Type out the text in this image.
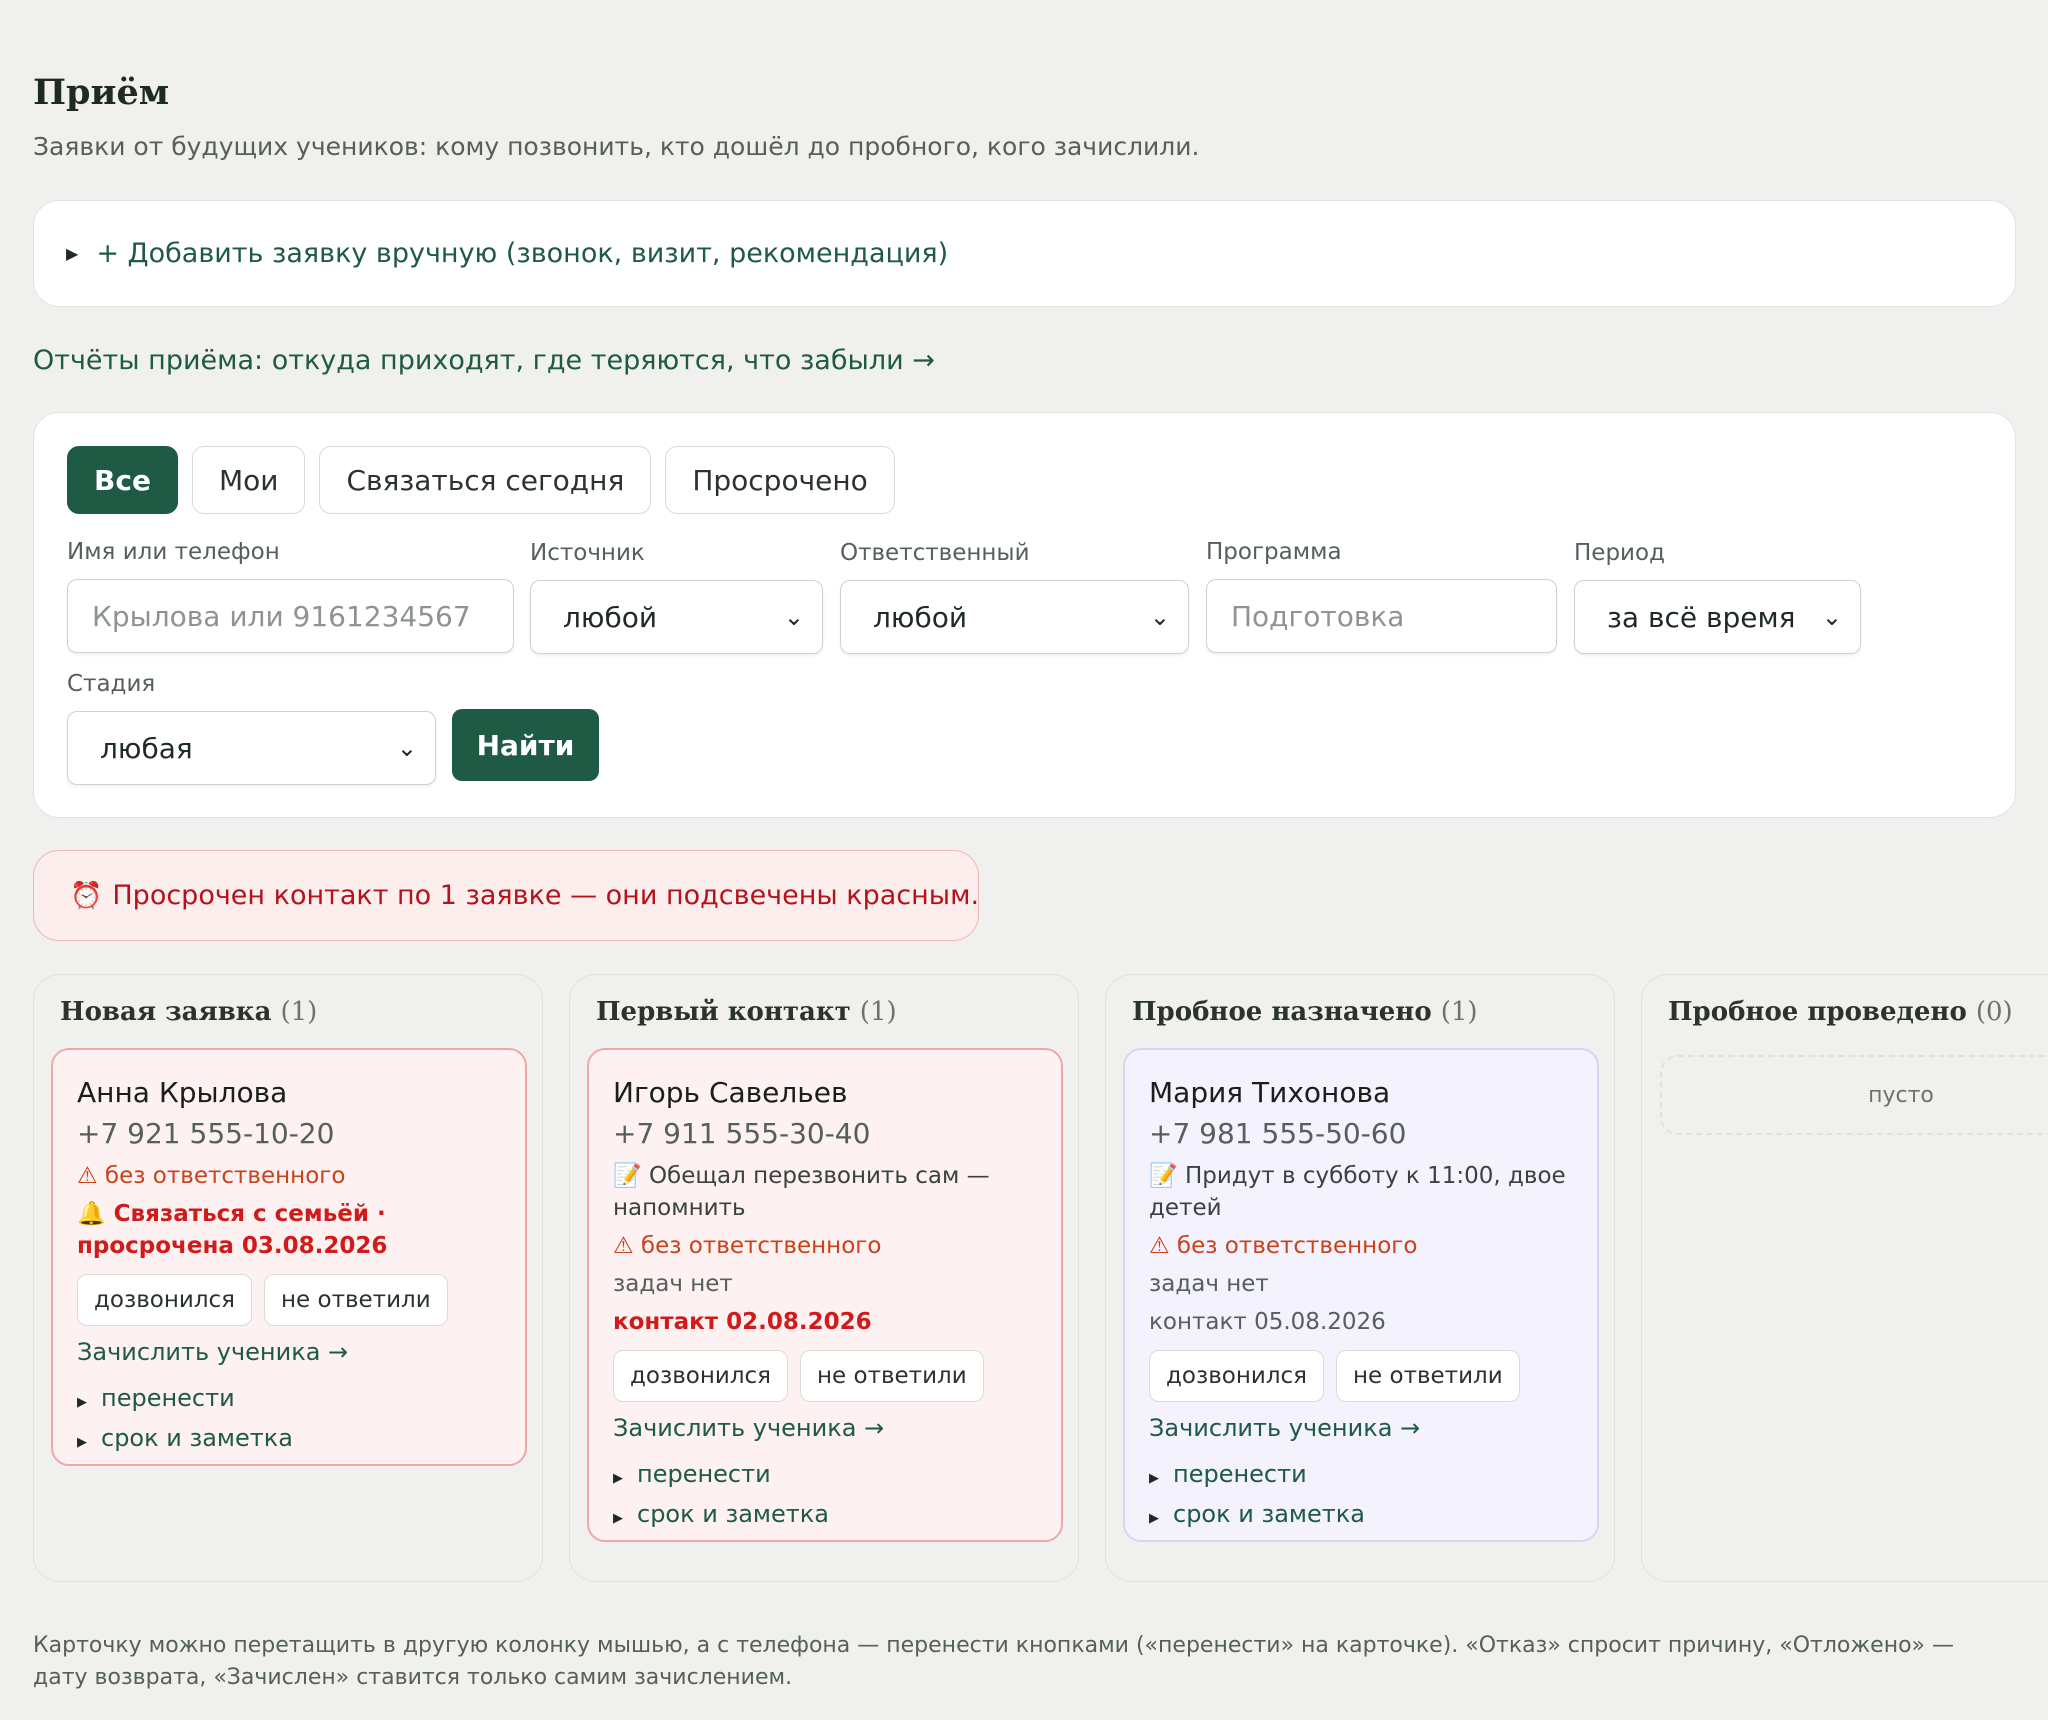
Приём
Заявки от будущих учеников: кому позвонить, кто дошёл до пробного, кого зачислили.
▶ + Добавить заявку вручную (звонок, визит, рекомендация)
Отчёты приёма: откуда приходят, где теряются, что забыли →
Все	Мои	Связаться сегодня	Просрочено
Имя или телефон
Крылова или 9161234567
Источник
любой	⌄
Ответственный
любой	⌄
Программа
Подготовка
Период
за всё время ⌄
Стадия
любая	⌄	Найти
⏰ Просрочен контакт по 1 заявке — они подсвечены красным.
Новая заявка (1)
Анна Крылова
+7 921 555-10-20
⚠ без ответственного
🔔 Связаться с семьёй · просрочена 03.08.2026
дозвонился	не ответили
Зачислить ученика →
▶ перенести
▶ срок и заметка
Первый контакт (1)
Игорь Савельев
+7 911 555-30-40
📝 Обещал перезвонить сам — напомнить
⚠ без ответственного
задач нет
контакт 02.08.2026
дозвонился	не ответили
Зачислить ученика →
▶ перенести
▶ срок и заметка
Пробное назначено (1)
Мария Тихонова
+7 981 555-50-60
📝 Придут в субботу к 11:00, двое детей
⚠ без ответственного
задач нет
контакт 05.08.2026
дозвонился	не ответили
Зачислить ученика →
▶ перенести
▶ срок и заметка
Пробное проведено (0)
пусто
Карточку можно перетащить в другую колонку мышью, а с телефона — перенести кнопками («перенести» на карточке). «Отказ» спросит причину, «Отложено» — дату возврата, «Зачислен» ставится только самим зачислением.
